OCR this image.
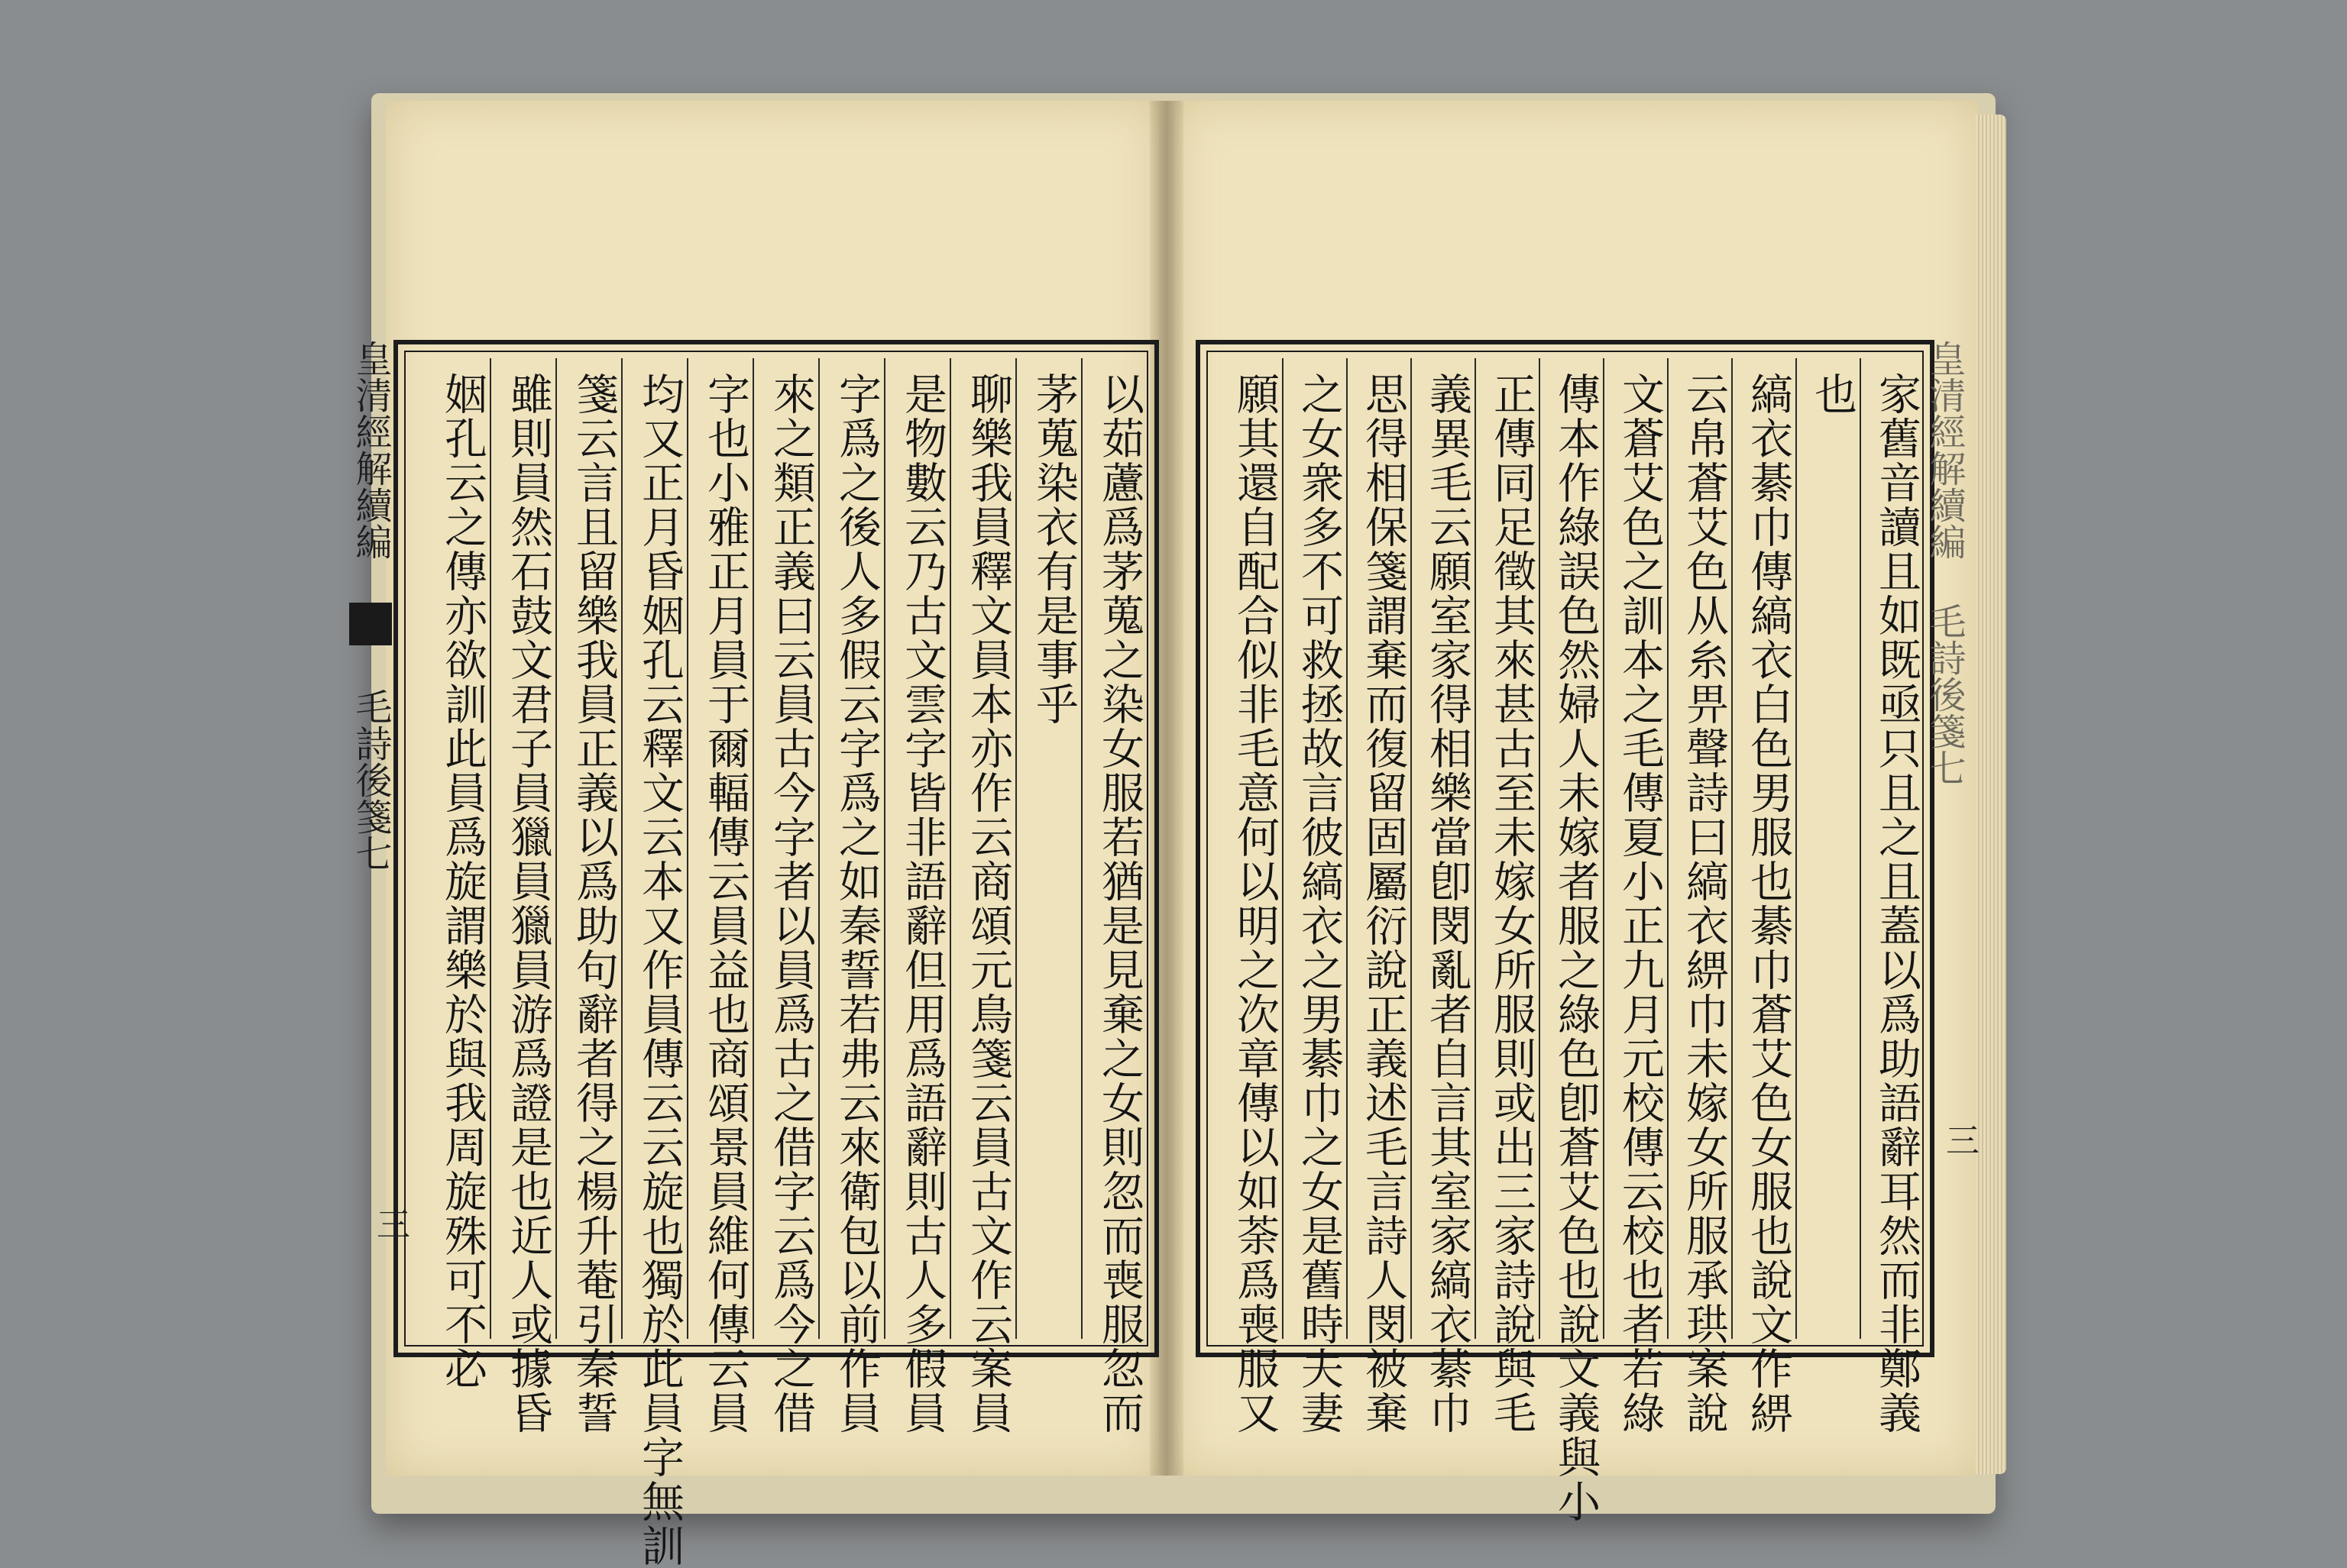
皇清經解續編 ■ 毛詩後箋七
三	以茹藘爲茅蒐之染女服若猶是見棄之女則忽而喪服忽而
茅蒐染衣有是事乎
聊樂我員釋文員本亦作云商頌元鳥箋云員古文作云案員
是物數云乃古文雲字皆非語辭但用爲語辭則古人多假員
字爲之後人多假云字爲之如秦誓若弗云來衛包以前作員
來之類正義曰云員古今字者以員爲古之借字云爲今之借
字也小雅正月員于爾輻傳云員益也商頌景員維何傳云員
均又正月昏姻孔云釋文云本又作員傳云云旋也獨於此員字無訓
箋云言且留樂我員正義以爲助句辭者得之楊升菴引秦誓
雖則員然石鼓文君子員獵員獵員游爲證是也近人或據昏
姻孔云之傳亦欲訓此員爲旋謂樂於與我周旋殊可不必	家舊音讀且如既亟只且之且蓋以爲助語辭耳然而非鄭義
也
縞衣綦巾傳縞衣白色男服也綦巾蒼艾色女服也說文作綥
云帛蒼艾色从糸畀聲詩曰縞衣綥巾未嫁女所服承珙案說
文蒼艾色之訓本之毛傳夏小正九月元校傳云校也者若綠
傳本作綠誤色然婦人未嫁者服之綠色卽蒼艾色也說文義與小
正傳同足徵其來甚古至未嫁女所服則或出三家詩說與毛
義異毛云願室家得相樂當卽閔亂者自言其室家縞衣綦巾
思得相保箋謂棄而復留固屬衍說正義述毛言詩人閔被棄
之女衆多不可救拯故言彼縞衣之男綦巾之女是舊時夫妻
願其還自配合似非毛意何以明之次章傳以如荼爲喪服又	皇清經解續編 毛詩後箋七
三
